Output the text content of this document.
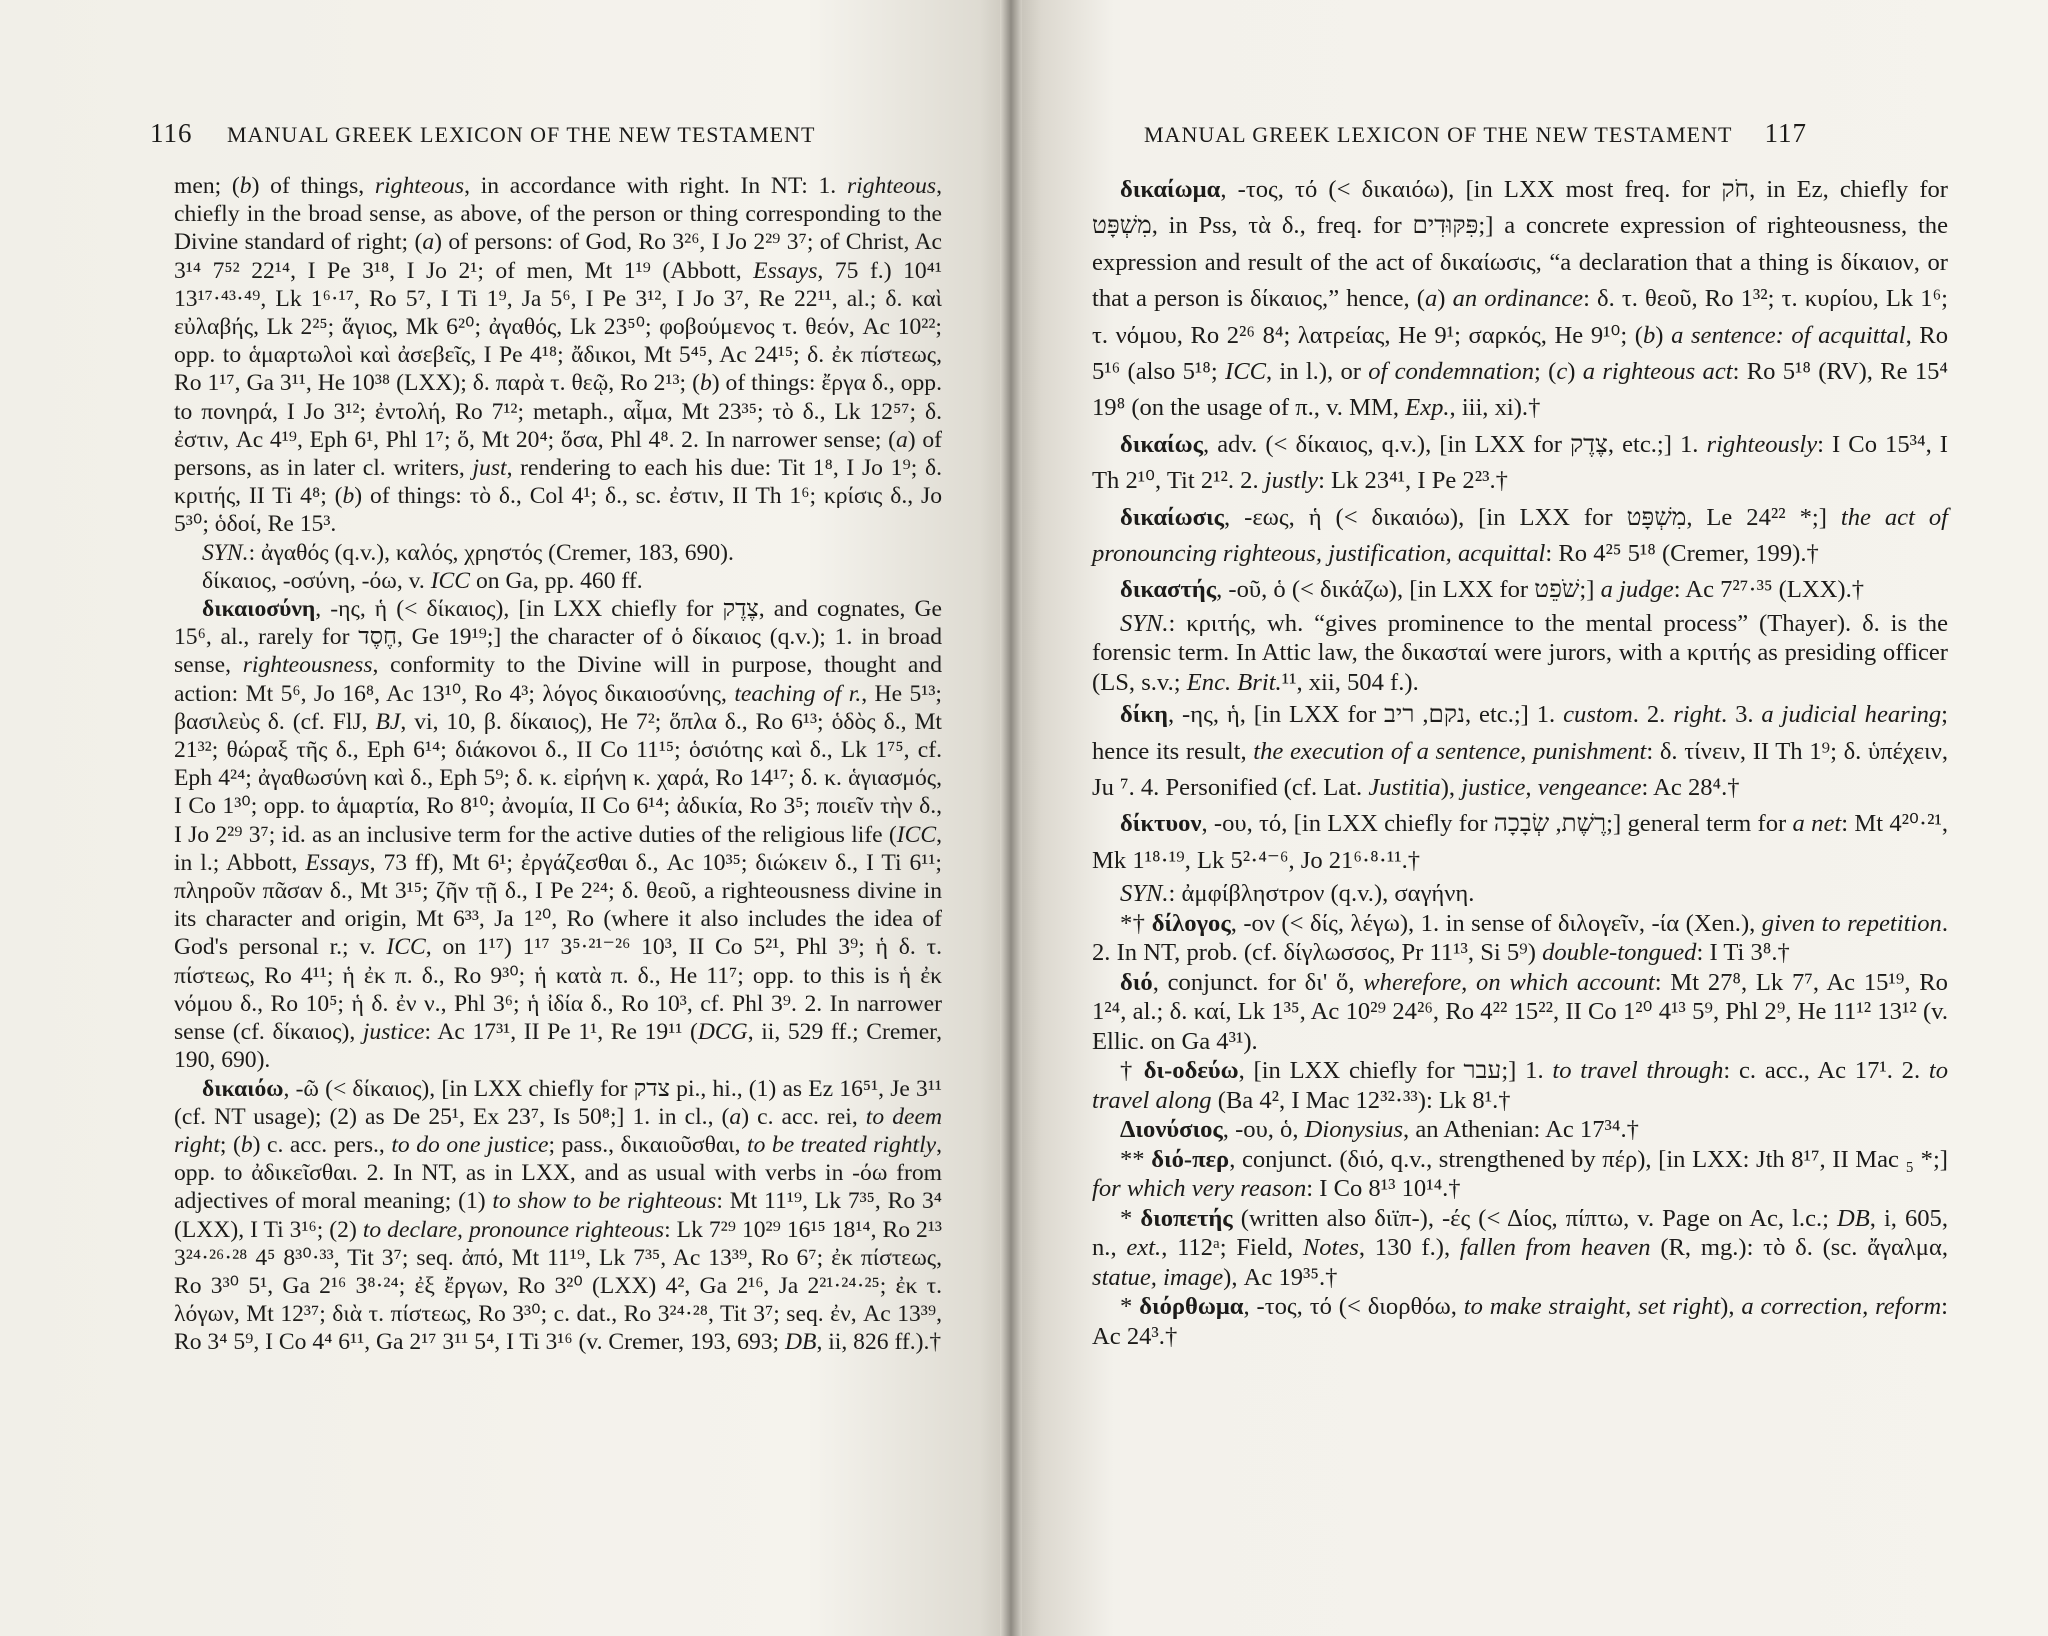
116 MANUAL GREEK LEXICON OF THE NEW TESTAMENT

men; (b) of things, righteous, in accordance with right. In NT: 1. righteous, chiefly in the broad sense, as above, of the person or thing corresponding to the Divine standard of right; (a) of persons: of God, Ro 3²⁶, I Jo 2²⁹ 3⁷; of Christ, Ac 3¹⁴ 7⁵² 22¹⁴, I Pe 3¹⁸, I Jo 2¹; of men, Mt 1¹⁹ (Abbott, Essays, 75 f.) 10⁴¹ 13¹⁷·⁴³·⁴⁹, Lk 1⁶·¹⁷, Ro 5⁷, I Ti 1⁹, Ja 5⁶, I Pe 3¹², I Jo 3⁷, Re 22¹¹, al.; δ. καὶ εὐλαβής, Lk 2²⁵; ἅγιος, Mk 6²⁰; ἀγαθός, Lk 23⁵⁰; φοβούμενος τ. θεόν, Ac 10²²; opp. to ἁμαρτωλοὶ καὶ ἀσεβεῖς, I Pe 4¹⁸; ἄδικοι, Mt 5⁴⁵, Ac 24¹⁵; δ. ἐκ πίστεως, Ro 1¹⁷, Ga 3¹¹, He 10³⁸ (LXX); δ. παρὰ τ. θεῷ, Ro 2¹³; (b) of things: ἔργα δ., opp. to πονηρά, I Jo 3¹²; ἐντολή, Ro 7¹²; metaph., αἷμα, Mt 23³⁵; τὸ δ., Lk 12⁵⁷; δ. ἐστιν, Ac 4¹⁹, Eph 6¹, Phl 1⁷; ὅ, Mt 20⁴; ὅσα, Phl 4⁸. 2. In narrower sense; (a) of persons, as in later cl. writers, just, rendering to each his due: Tit 1⁸, I Jo 1⁹; δ. κριτής, II Ti 4⁸; (b) of things: τὸ δ., Col 4¹; δ., sc. ἐστιν, II Th 1⁶; κρίσις δ., Jo 5³⁰; ὁδοί, Re 15³.

SYN.: ἀγαθός (q.v.), καλός, χρηστός (Cremer, 183, 690).

δίκαιος, -οσύνη, -όω, v. ICC on Ga, pp. 460 ff.

δικαιοσύνη, -ης, ἡ (< δίκαιος), [in LXX chiefly for צֶדֶק, and cognates, Ge 15⁶, al., rarely for חֶסֶד, Ge 19¹⁹;] the character of ὁ δίκαιος (q.v.); 1. in broad sense, righteousness, conformity to the Divine will in purpose, thought and action: Mt 5⁶, Jo 16⁸, Ac 13¹⁰, Ro 4³; λόγος δικαιοσύνης, teaching of r., He 5¹³; βασιλεὺς δ. (cf. FlJ, BJ, vi, 10, β. δίκαιος), He 7²; ὅπλα δ., Ro 6¹³; ὁδὸς δ., Mt 21³²; θώραξ τῆς δ., Eph 6¹⁴; διάκονοι δ., II Co 11¹⁵; ὁσιότης καὶ δ., Lk 1⁷⁵, cf. Eph 4²⁴; ἀγαθωσύνη καὶ δ., Eph 5⁹; δ. κ. εἰρήνη κ. χαρά, Ro 14¹⁷; δ. κ. ἁγιασμός, I Co 1³⁰; opp. to ἁμαρτία, Ro 8¹⁰; ἀνομία, II Co 6¹⁴; ἀδικία, Ro 3⁵; ποιεῖν τὴν δ., I Jo 2²⁹ 3⁷; id. as an inclusive term for the active duties of the religious life (ICC, in l.; Abbott, Essays, 73 ff), Mt 6¹; ἐργάζεσθαι δ., Ac 10³⁵; διώκειν δ., I Ti 6¹¹; πληροῦν πᾶσαν δ., Mt 3¹⁵; ζῆν τῇ δ., I Pe 2²⁴; δ. θεοῦ, a righteousness divine in its character and origin, Mt 6³³, Ja 1²⁰, Ro (where it also includes the idea of God's personal r.; v. ICC, on 1¹⁷) 1¹⁷ 3⁵·²¹⁻²⁶ 10³, II Co 5²¹, Phl 3⁹; ἡ δ. τ. πίστεως, Ro 4¹¹; ἡ ἐκ π. δ., Ro 9³⁰; ἡ κατὰ π. δ., He 11⁷; opp. to this is ἡ ἐκ νόμου δ., Ro 10⁵; ἡ δ. ἐν ν., Phl 3⁶; ἡ ἰδία δ., Ro 10³, cf. Phl 3⁹. 2. In narrower sense (cf. δίκαιος), justice: Ac 17³¹, II Pe 1¹, Re 19¹¹ (DCG, ii, 529 ff.; Cremer, 190, 690).

δικαιόω, -ῶ (< δίκαιος), [in LXX chiefly for צדק pi., hi., (1) as Ez 16⁵¹, Je 3¹¹ (cf. NT usage); (2) as De 25¹, Ex 23⁷, Is 50⁸;] 1. in cl., (a) c. acc. rei, to deem right; (b) c. acc. pers., to do one justice; pass., δικαιοῦσθαι, to be treated rightly, opp. to ἀδικεῖσθαι. 2. In NT, as in LXX, and as usual with verbs in -όω from adjectives of moral meaning; (1) to show to be righteous: Mt 11¹⁹, Lk 7³⁵, Ro 3⁴ (LXX), I Ti 3¹⁶; (2) to declare, pronounce righteous: Lk 7²⁹ 10²⁹ 16¹⁵ 18¹⁴, Ro 2¹³ 3²⁴·²⁶·²⁸ 4⁵ 8³⁰·³³, Tit 3⁷; seq. ἀπό, Mt 11¹⁹, Lk 7³⁵, Ac 13³⁹, Ro 6⁷; ἐκ πίστεως, Ro 3³⁰ 5¹, Ga 2¹⁶ 3⁸·²⁴; ἐξ ἔργων, Ro 3²⁰ (LXX) 4², Ga 2¹⁶, Ja 2²¹·²⁴·²⁵; ἐκ τ. λόγων, Mt 12³⁷; διὰ τ. πίστεως, Ro 3³⁰; c. dat., Ro 3²⁴·²⁸, Tit 3⁷; seq. ἐν, Ac 13³⁹, Ro 3⁴ 5⁹, I Co 4⁴ 6¹¹, Ga 2¹⁷ 3¹¹ 5⁴, I Ti 3¹⁶ (v. Cremer, 193, 693; DB, ii, 826 ff.).†

MANUAL GREEK LEXICON OF THE NEW TESTAMENT 117

δικαίωμα, -τος, τό (< δικαιόω), [in LXX most freq. for חֹק, in Ez, chiefly for מִשְׁפָּט, in Pss, τὰ δ., freq. for פִּקּוּדִים;] a concrete expression of righteousness, the expression and result of the act of δικαίωσις, “a declaration that a thing is δίκαιον, or that a person is δίκαιος,” hence, (a) an ordinance: δ. τ. θεοῦ, Ro 1³²; τ. κυρίου, Lk 1⁶; τ. νόμου, Ro 2²⁶ 8⁴; λατρείας, He 9¹; σαρκός, He 9¹⁰; (b) a sentence: of acquittal, Ro 5¹⁶ (also 5¹⁸; ICC, in l.), or of condemnation; (c) a righteous act: Ro 5¹⁸ (RV), Re 15⁴ 19⁸ (on the usage of π., v. MM, Exp., iii, xi).†

δικαίως, adv. (< δίκαιος, q.v.), [in LXX for צֶדֶק, etc.;] 1. righteously: I Co 15³⁴, I Th 2¹⁰, Tit 2¹². 2. justly: Lk 23⁴¹, I Pe 2²³.†

δικαίωσις, -εως, ἡ (< δικαιόω), [in LXX for מִשְׁפָּט, Le 24²² *;] the act of pronouncing righteous, justification, acquittal: Ro 4²⁵ 5¹⁸ (Cremer, 199).†

δικαστής, -οῦ, ὁ (< δικάζω), [in LXX for שֹׁפֵט;] a judge: Ac 7²⁷·³⁵ (LXX).†

SYN.: κριτής, wh. “gives prominence to the mental process” (Thayer). δ. is the forensic term. In Attic law, the δικασταί were jurors, with a κριτής as presiding officer (LS, s.v.; Enc. Brit.¹¹, xii, 504 f.).

δίκη, -ης, ἡ, [in LXX for נקם, ריב, etc.;] 1. custom. 2. right. 3. a judicial hearing; hence its result, the execution of a sentence, punishment: δ. τίνειν, II Th 1⁹; δ. ὑπέχειν, Ju ⁷. 4. Personified (cf. Lat. Justitia), justice, vengeance: Ac 28⁴.†

δίκτυον, -ου, τό, [in LXX chiefly for רֶשֶׁת, שְׂבָכָה;] general term for a net: Mt 4²⁰·²¹, Mk 1¹⁸·¹⁹, Lk 5²·⁴⁻⁶, Jo 21⁶·⁸·¹¹.†

SYN.: ἀμφίβληστρον (q.v.), σαγήνη.

*† δίλογος, -ον (< δίς, λέγω), 1. in sense of διλογεῖν, -ία (Xen.), given to repetition. 2. In NT, prob. (cf. δίγλωσσος, Pr 11¹³, Si 5⁹) double-tongued: I Ti 3⁸.†

διό, conjunct. for δι' ὅ, wherefore, on which account: Mt 27⁸, Lk 7⁷, Ac 15¹⁹, Ro 1²⁴, al.; δ. καί, Lk 1³⁵, Ac 10²⁹ 24²⁶, Ro 4²² 15²², II Co 1²⁰ 4¹³ 5⁹, Phl 2⁹, He 11¹² 13¹² (v. Ellic. on Ga 4³¹).

† δι-οδεύω, [in LXX chiefly for עבר;] 1. to travel through: c. acc., Ac 17¹. 2. to travel along (Ba 4², I Mac 12³²·³³): Lk 8¹.†

Διονύσιος, -ου, ὁ, Dionysius, an Athenian: Ac 17³⁴.†

** διό-περ, conjunct. (διό, q.v., strengthened by πέρ), [in LXX: Jth 8¹⁷, II Mac ₅ *;] for which very reason: I Co 8¹³ 10¹⁴.†

* διοπετής (written also διϊπ-), -ές (< Δίος, πίπτω, v. Page on Ac, l.c.; DB, i, 605, n., ext., 112ᵃ; Field, Notes, 130 f.), fallen from heaven (R, mg.): τὸ δ. (sc. ἄγαλμα, statue, image), Ac 19³⁵.†

* διόρθωμα, -τος, τό (< διορθόω, to make straight, set right), a correction, reform: Ac 24³.†
